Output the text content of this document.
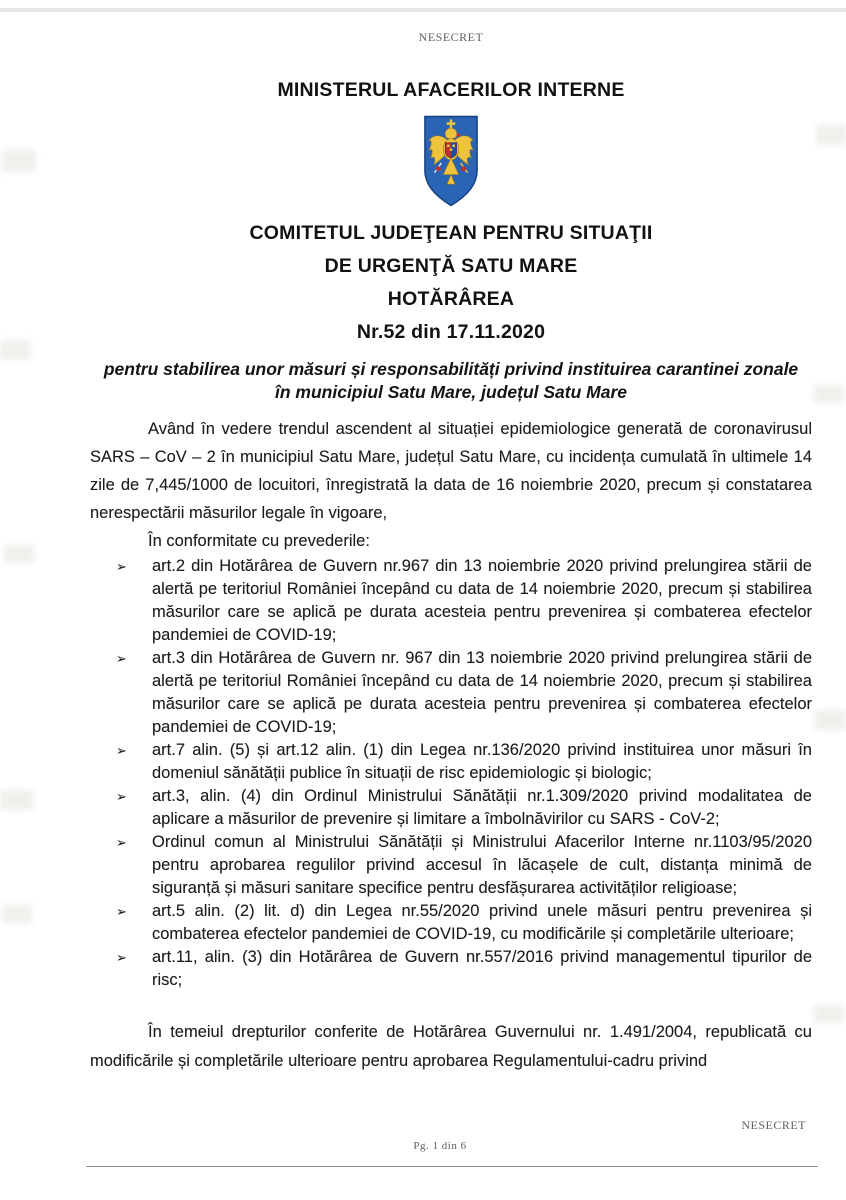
NESECRET
MINISTERUL AFACERILOR INTERNE
COMITETUL JUDEŢEAN PENTRU SITUAŢII
DE URGENŢĂ SATU MARE
HOTĂRÂREA
Nr.52 din 17.11.2020
pentru stabilirea unor măsuri și responsabilități privind instituirea carantinei zonale în municipiul Satu Mare, județul Satu Mare

Având în vedere trendul ascendent al situației epidemiologice generată de coronavirusul SARS – CoV – 2 în municipiul Satu Mare, județul Satu Mare, cu incidența cumulată în ultimele 14 zile de 7,445/1000 de locuitori, înregistrată la data de 16 noiembrie 2020, precum și constatarea nerespectării măsurilor legale în vigoare,

În conformitate cu prevederile:

➢ art.2 din Hotărârea de Guvern nr.967 din 13 noiembrie 2020 privind prelungirea stării de alertă pe teritoriul României începând cu data de 14 noiembrie 2020, precum și stabilirea măsurilor care se aplică pe durata acesteia pentru prevenirea și combaterea efectelor pandemiei de COVID-19;
➢ art.3 din Hotărârea de Guvern nr. 967 din 13 noiembrie 2020 privind prelungirea stării de alertă pe teritoriul României începând cu data de 14 noiembrie 2020, precum și stabilirea măsurilor care se aplică pe durata acesteia pentru prevenirea și combaterea efectelor pandemiei de COVID-19;
➢ art.7 alin. (5) și art.12 alin. (1) din Legea nr.136/2020 privind instituirea unor măsuri în domeniul sănătății publice în situații de risc epidemiologic și biologic;
➢ art.3, alin. (4) din Ordinul Ministrului Sănătății nr.1.309/2020 privind modalitatea de aplicare a măsurilor de prevenire și limitare a îmbolnăvirilor cu SARS - CoV-2;
➢ Ordinul comun al Ministrului Sănătății și Ministrului Afacerilor Interne nr.1103/95/2020 pentru aprobarea regulilor privind accesul în lăcașele de cult, distanța minimă de siguranță și măsuri sanitare specifice pentru desfășurarea activităților religioase;
➢ art.5 alin. (2) lit. d) din Legea nr.55/2020 privind unele măsuri pentru prevenirea și combaterea efectelor pandemiei de COVID-19, cu modificările și completările ulterioare;
➢ art.11, alin. (3) din Hotărârea de Guvern nr.557/2016 privind managementul tipurilor de risc;

În temeiul drepturilor conferite de Hotărârea Guvernului nr. 1.491/2004, republicată cu modificările și completările ulterioare pentru aprobarea Regulamentului-cadru privind

NESECRET
Pg. 1 din 6
